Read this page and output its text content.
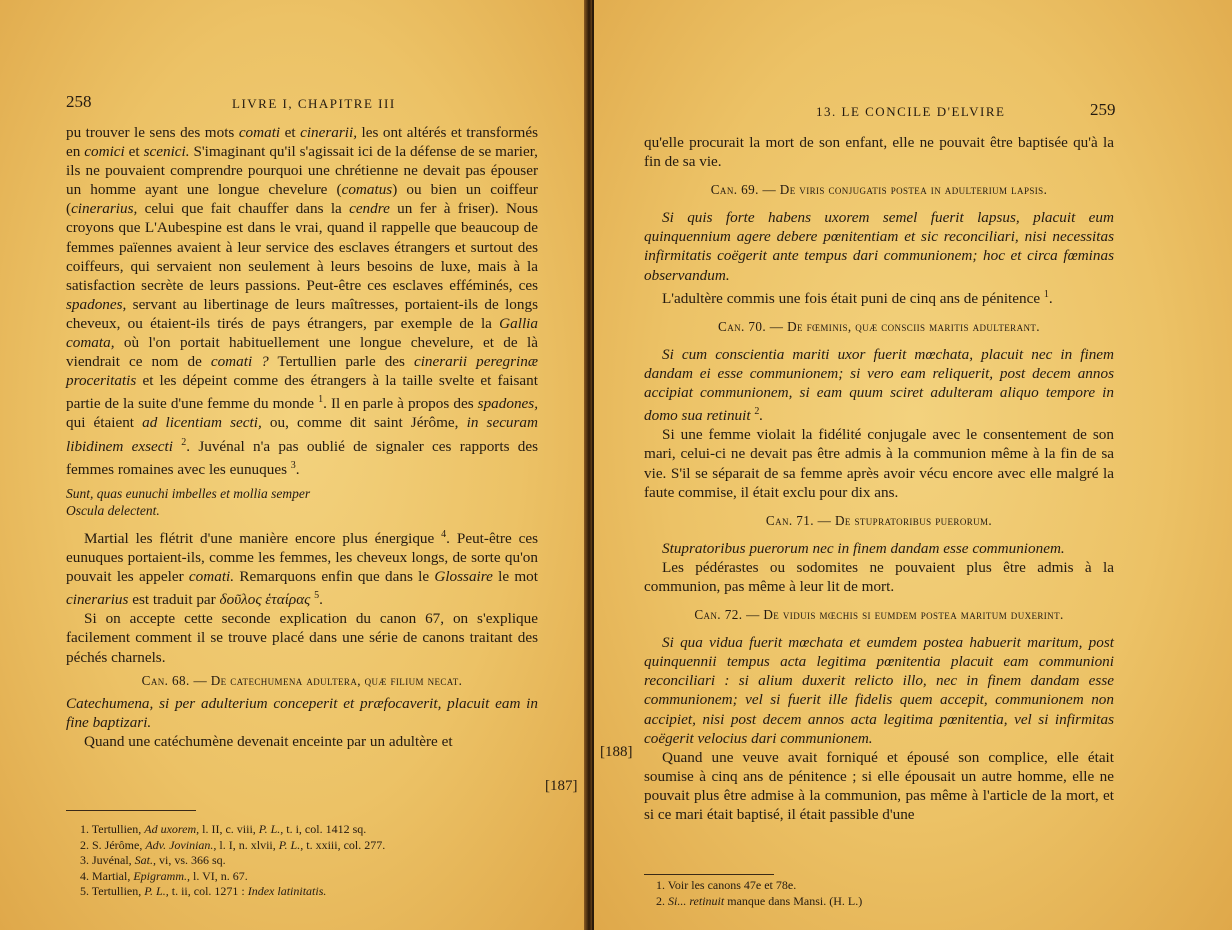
258	LIVRE I, CHAPITRE III

pu trouver le sens des mots comati et cinerarii, les ont altérés et transformés en comici et scenici. S'imaginant qu'il s'agissait ici de la défense de se marier, ils ne pouvaient comprendre pourquoi une chrétienne ne devait pas épouser un homme ayant une longue chevelure (comatus) ou bien un coiffeur (cinerarius, celui que fait chauffer dans la cendre un fer à friser). Nous croyons que L'Aubespine est dans le vrai, quand il rappelle que beaucoup de femmes païennes avaient à leur service des esclaves étrangers et surtout des coiffeurs, qui servaient non seulement à leurs besoins de luxe, mais à la satisfaction secrète de leurs passions. Peut-être ces esclaves efféminés, ces spadones, servant au libertinage de leurs maîtresses, portaient-ils de longs cheveux, ou étaient-ils tirés de pays étrangers, par exemple de la Gallia comata, où l'on portait habituellement une longue chevelure, et de là viendrait ce nom de comati ? Tertullien parle des cinerarii peregrinæ proceritatis et les dépeint comme des étrangers à la taille svelte et faisant partie de la suite d'une femme du monde $^1$. Il en parle à propos des spadones, qui étaient ad licentiam secti, ou, comme dit saint Jérôme, in securam libidinem exsecti $^2$. Juvénal n'a pas oublié de signaler ces rapports des femmes romaines avec les eunuques $^3$.

Sunt, quas eunuchi imbelles et mollia semper

Oscula delectent.

Martial les flétrit d'une manière encore plus énergique $^4$. Peut-être ces eunuques portaient-ils, comme les femmes, les cheveux longs, de sorte qu'on pouvait les appeler comati. Remarquons enfin que dans le Glossaire le mot cinerarius est traduit par δοῦλος ἑταίρας $^5$.

Si on accepte cette seconde explication du canon 67, on s'explique facilement comment il se trouve placé dans une série de canons traitant des péchés charnels.

Can. 68. — De catechumena adultera, quæ filium necat.

Catechumena, si per adulterium conceperit et præfocaverit, placuit eam in fine baptizari.

Quand une catéchumène devenait enceinte par un adultère et

1. Tertullien, Ad uxorem, l. II, c. viii, P. L., t. i, col. 1412 sq.
2. S. Jérôme, Adv. Jovinian., l. I, n. xlvii, P. L., t. xxiii, col. 277.
3. Juvénal, Sat., vi, vs. 366 sq.
4. Martial, Epigramm., l. VI, n. 67.
5. Tertullien, P. L., t. ii, col. 1271 : Index latinitatis.
13. LE CONCILE D'ELVIRE	259

qu'elle procurait la mort de son enfant, elle ne pouvait être baptisée qu'à la fin de sa vie.

Can. 69. — De viris conjugatis postea in adulterium lapsis.

Si quis forte habens uxorem semel fuerit lapsus, placuit eum quinquennium agere debere pœnitentiam et sic reconciliari, nisi necessitas infirmitatis coëgerit ante tempus dari communionem; hoc et circa fœminas observandum.

L'adultère commis une fois était puni de cinq ans de pénitence $^1$.

Can. 70. — De fœminis, quæ consciis maritis adulterant.

Si cum conscientia mariti uxor fuerit mœchata, placuit nec in finem dandam ei esse communionem; si vero eam reliquerit, post decem annos accipiat communionem, si eam quum sciret adulteram aliquo tempore in domo sua retinuit $^2$.

Si une femme violait la fidélité conjugale avec le consentement de son mari, celui-ci ne devait pas être admis à la communion même à la fin de sa vie. S'il se séparait de sa femme après avoir vécu encore avec elle malgré la faute commise, il était exclu pour dix ans.

Can. 71. — De stupratoribus puerorum.

Stupratoribus puerorum nec in finem dandam esse communionem.

Les pédérastes ou sodomites ne pouvaient plus être admis à la communion, pas même à leur lit de mort.

Can. 72. — De viduis mœchis si eumdem postea maritum duxerint.

Si qua vidua fuerit mœchata et eumdem postea habuerit maritum, post quinquennii tempus acta legitima pœnitentia placuit eam communioni reconciliari : si alium duxerit relicto illo, nec in finem dandam esse communionem; vel si fuerit ille fidelis quem accepit, communionem non accipiet, nisi post decem annos acta legitima pœnitentia, vel si infirmitas coëgerit velocius dari communionem.

Quand une veuve avait forniqué et épousé son complice, elle était soumise à cinq ans de pénitence ; si elle épousait un autre homme, elle ne pouvait plus être admise à la communion, pas même à l'article de la mort, et si ce mari était baptisé, il était passible d'une

1. Voir les canons 47e et 78e.
2. Si... retinuit manque dans Mansi. (H. L.)
[187]
[188]
